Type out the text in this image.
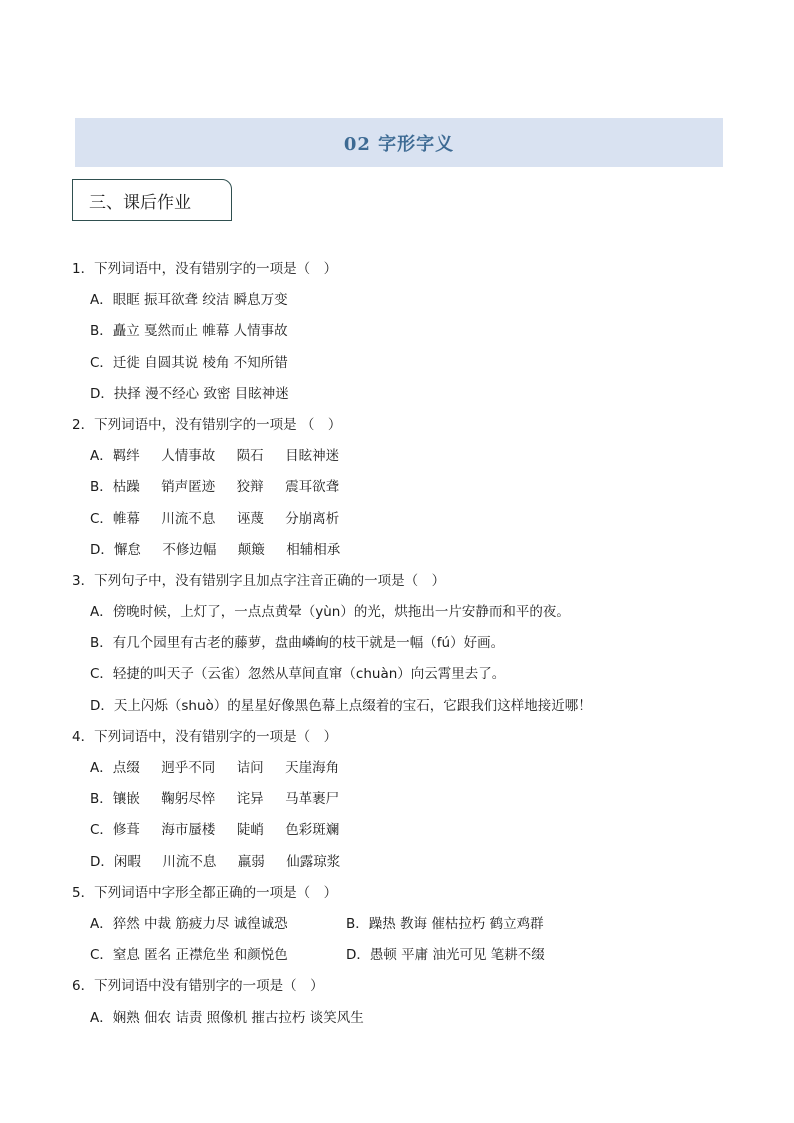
02 字形字义
三、课后作业
1．下列词语中，没有错别字的一项是（　）
A．眼眶 振耳欲聋 绞洁 瞬息万变
B．矗立 戛然而止 帷幕 人情事故
C．迁徙 自圆其说 棱角 不知所错
D．抉择 漫不经心 致密 目眩神迷
2．下列词语中，没有错别字的一项是 （　）
A．羁绊     人情事故     陨石     目眩神迷
B．枯躁     销声匿迹     狡辩     震耳欲聋
C．帷幕     川流不息     诬蔑     分崩离析
D．懈怠     不修边幅     颠簸     相辅相承
3．下列句子中，没有错别字且加点字注音正确的一项是（　）
A．傍晚时候，上灯了，一点点黄晕（yùn）的光，烘拖出一片安静而和平的夜。
B．有几个园里有古老的藤萝，盘曲嶙峋的枝干就是一幅（fú）好画。
C．轻捷的叫天子（云雀）忽然从草间直窜（chuàn）向云霄里去了。
D．天上闪烁（shuò）的星星好像黑色幕上点缀着的宝石，它跟我们这样地接近哪！
4．下列词语中，没有错别字的一项是（　）
A．点缀     迥乎不同     诘问     天崖海角
B．镶嵌     鞠躬尽悴     诧异     马革裹尸
C．修葺     海市蜃楼     陡峭     色彩斑斓
D．闲暇     川流不息     羸弱     仙露琼浆
5．下列词语中字形全都正确的一项是（　）
A．猝然 中裁 筋疲力尽 诚徨诚恐	B．躁热 教诲 催枯拉朽 鹤立鸡群
C．窒息 匿名 正襟危坐 和颜悦色	D．愚顿 平庸 油光可见 笔耕不缀
6．下列词语中没有错别字的一项是（　）
A．娴熟 佃农 诘责 照像机 摧古拉朽 谈笑风生
